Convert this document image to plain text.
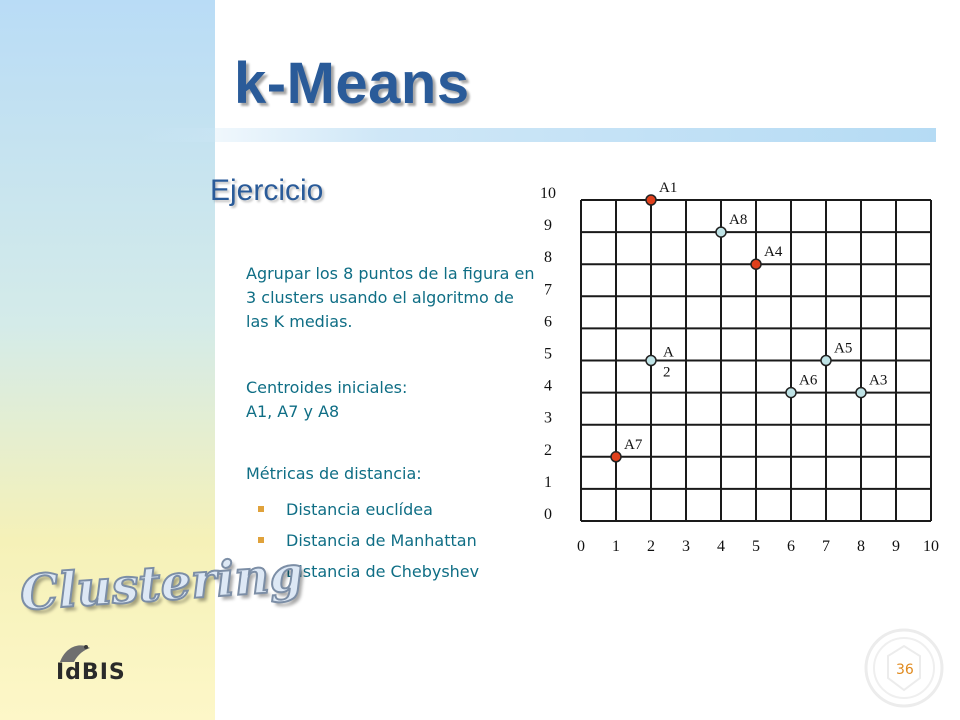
k-Means
Ejercicio

Agrupar los 8 puntos de la figura en 3 clusters usando el algoritmo de las K medias.

Centroides iniciales:
A1, A7 y A8

Métricas de distancia:

Distancia euclídea
Distancia de Manhattan
Distancia de Chebyshev
0 1 2 3 4 5 6 7 8 9 10
0
1
2
3
4
5
6
7
8
9
10	A1
A
2
A3
A4
A5
A6
A7
A8
Clustering
IdBIS	36
